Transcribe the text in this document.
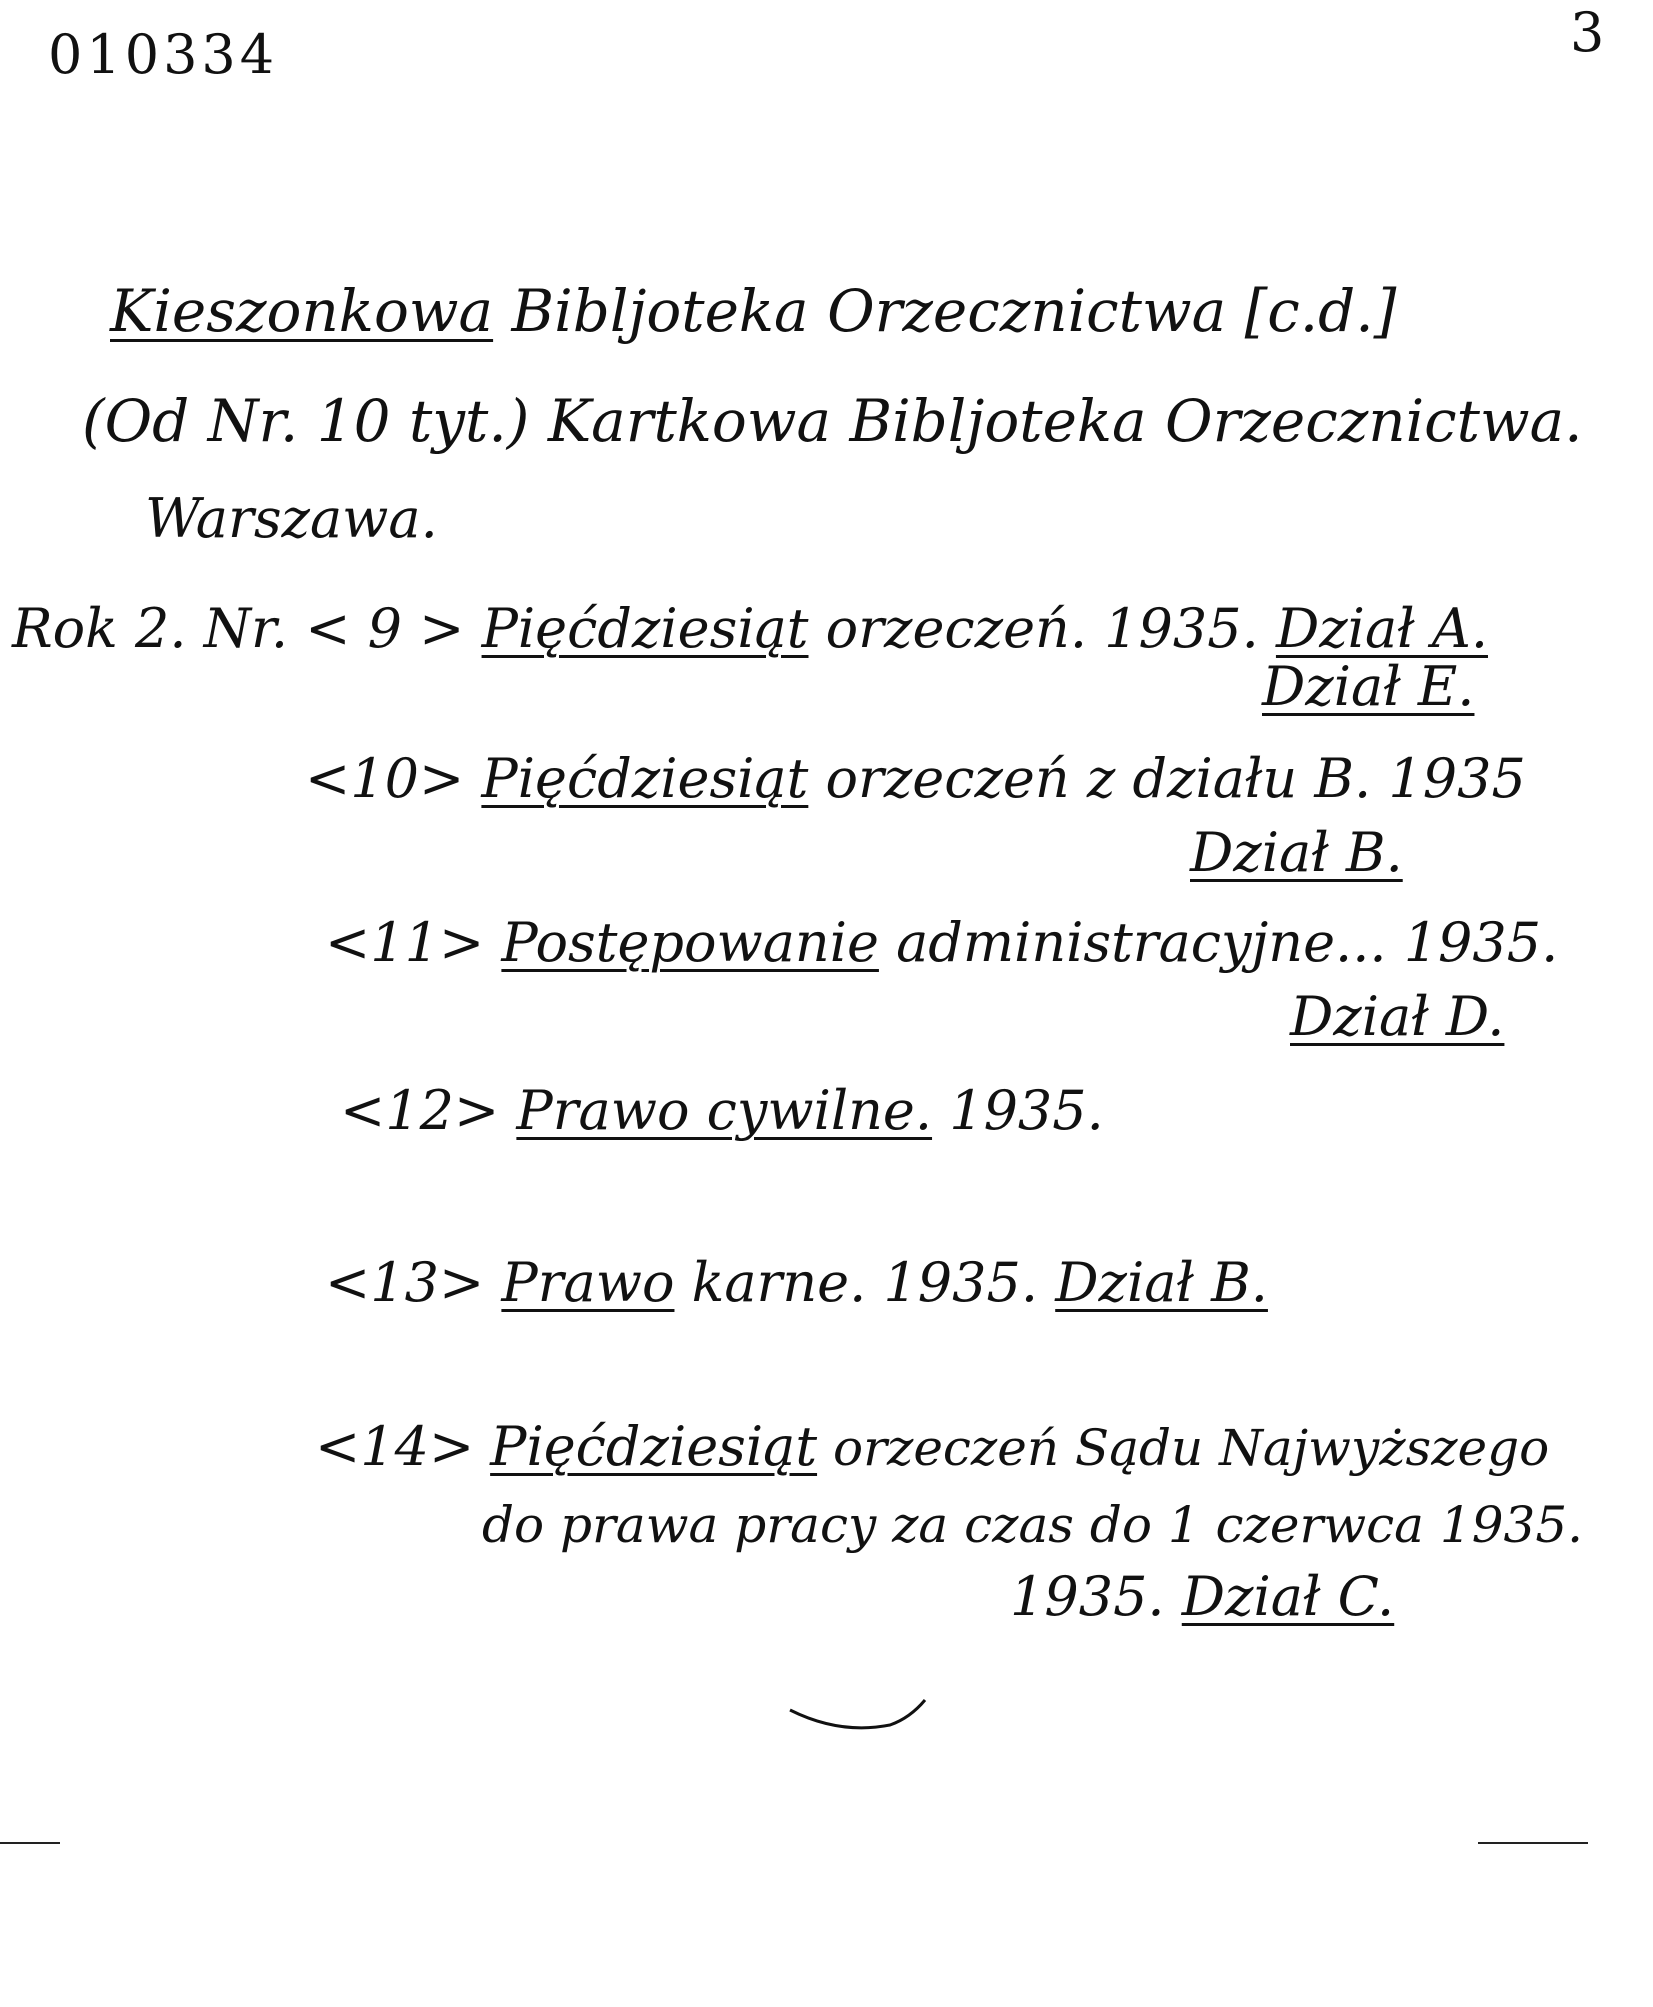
010334	3
Kieszonkowa Bibljoteka Orzecznictwa [c.d.]
(Od Nr. 10 tyt.) Kartkowa Bibljoteka Orzecznictwa.
Warszawa.
Rok 2. Nr. < 9 > Pięćdziesiąt orzeczeń. 1935. Dział A.
Dział E.
<10> Pięćdziesiąt orzeczeń z działu B. 1935
Dział B.
<11> Postępowanie administracyjne... 1935.
Dział D.
<12> Prawo cywilne. 1935.
<13> Prawo karne. 1935. Dział B.
<14> Pięćdziesiąt orzeczeń Sądu Najwyższego
do prawa pracy za czas do 1 czerwca 1935.
1935. Dział C.
